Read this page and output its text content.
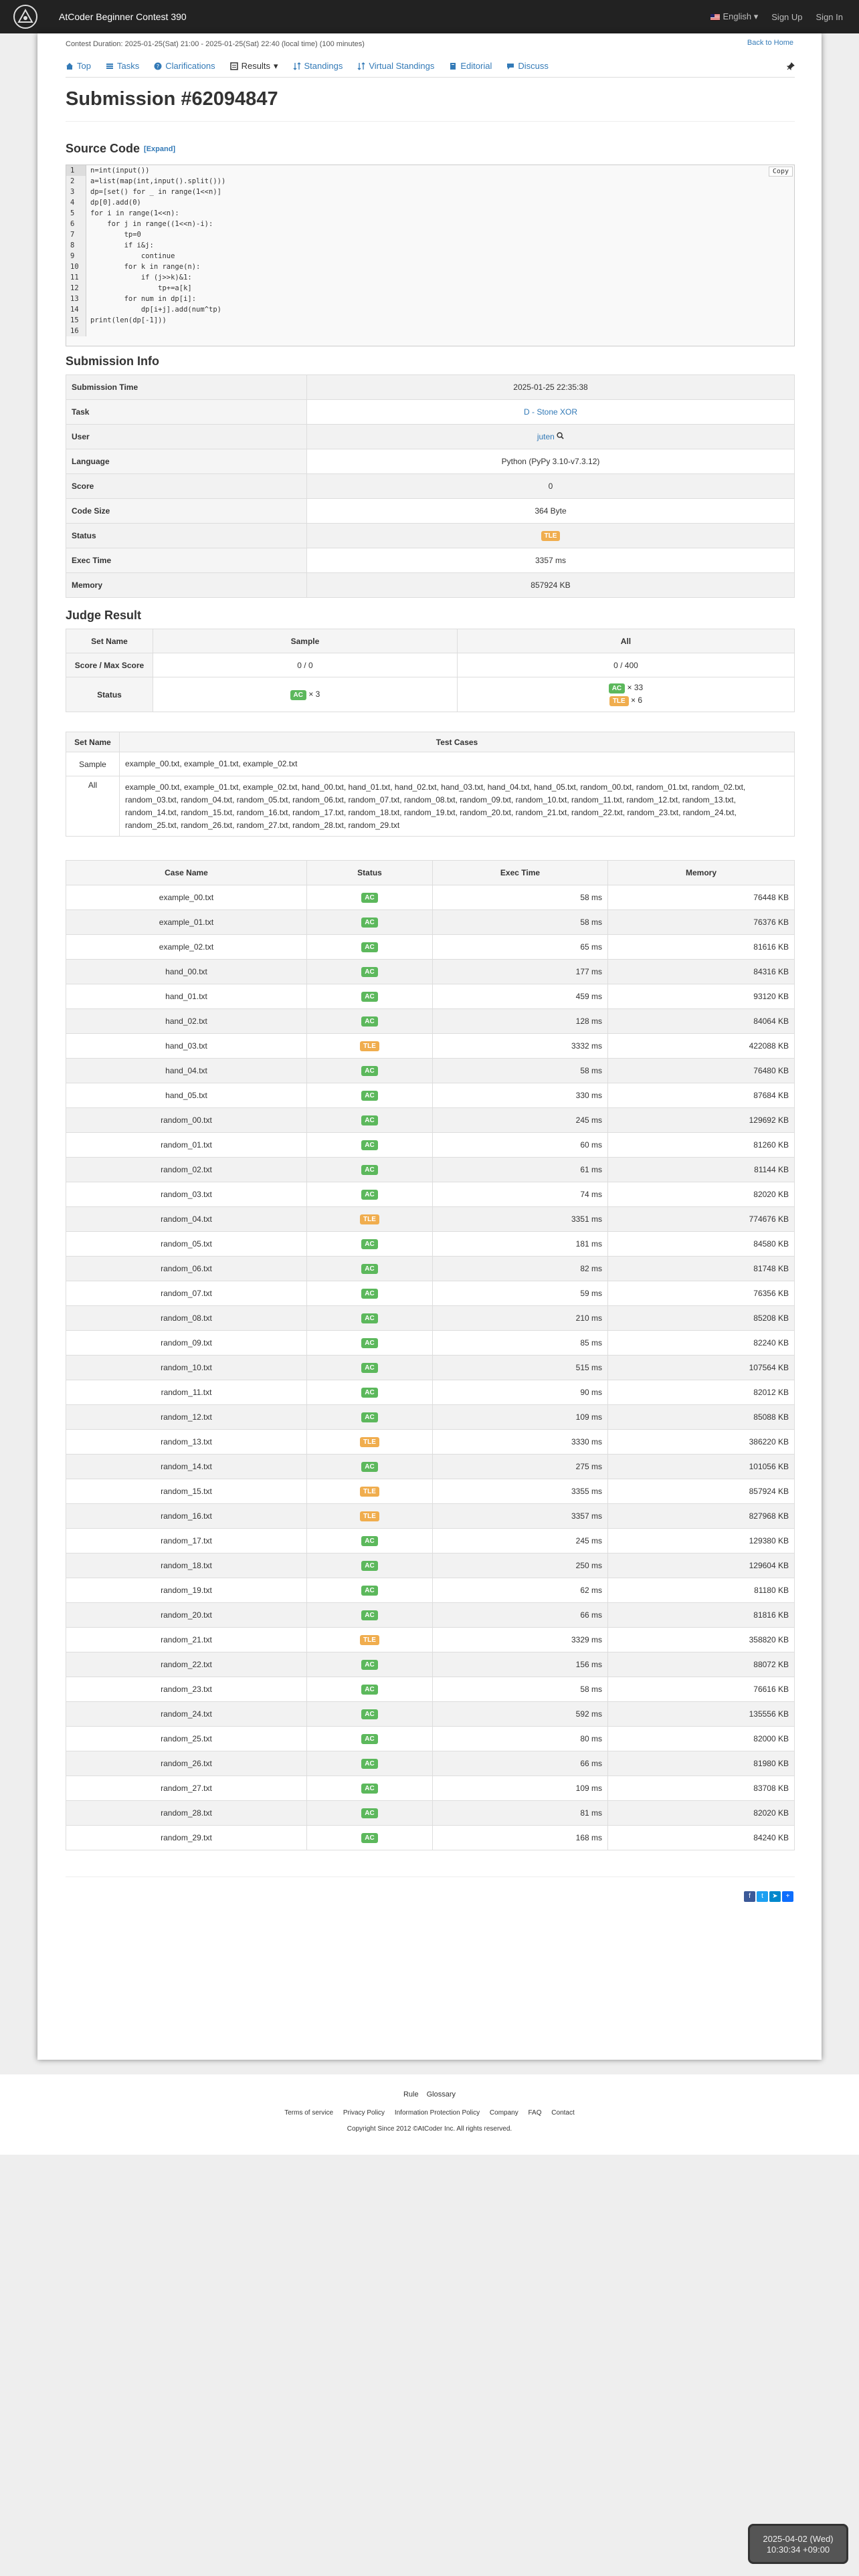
AtCoder Beginner Contest 390	English ▾ Sign Up Sign In
Contest Duration: 2025-01-25(Sat) 21:00 - 2025-01-25(Sat) 22:40 (local time) (100 minutes)	Back to Home
Top	Tasks	? Clarifications	Results ▾	Standings	Virtual Standings	Editorial	Discuss
Submission #62094847
Source Code [Expand]
Copy
1	n=int(input())
2	a=list(map(int,input().split()))
3	dp=[set() for _ in range(1<<n)]
4	dp[0].add(0)
5	for i in range(1<<n):
6	for j in range((1<<n)-i):
7	tp=0
8	if i&j:
9	continue
10	for k in range(n):
11	if (j>>k)&1:
12	tp+=a[k]
13	for num in dp[i]:
14	dp[i+j].add(num^tp)
15	print(len(dp[-1]))
16
Submission Info
Submission Time	2025-01-25 22:35:38
Task	D - Stone XOR
User	juten
Language	Python (PyPy 3.10-v7.3.12)
Score	0
Code Size	364 Byte
Status	TLE
Exec Time	3357 ms
Memory	857924 KB
Judge Result
Set Name	Sample	All
Score / Max Score	0 / 0	0 / 400
Status	AC × 3	AC × 33
TLE × 6
Set Name	Test Cases
Sample	example_00.txt, example_01.txt, example_02.txt
All	example_00.txt, example_01.txt, example_02.txt, hand_00.txt, hand_01.txt, hand_02.txt, hand_03.txt, hand_04.txt, hand_05.txt, random_00.txt, random_01.txt, random_02.txt, random_03.txt, random_04.txt, random_05.txt, random_06.txt, random_07.txt, random_08.txt, random_09.txt, random_10.txt, random_11.txt, random_12.txt, random_13.txt, random_14.txt, random_15.txt, random_16.txt, random_17.txt, random_18.txt, random_19.txt, random_20.txt, random_21.txt, random_22.txt, random_23.txt, random_24.txt, random_25.txt, random_26.txt, random_27.txt, random_28.txt, random_29.txt
Case Name	Status	Exec Time	Memory
example_00.txt	AC	58 ms	76448 KB
example_01.txt	AC	58 ms	76376 KB
example_02.txt	AC	65 ms	81616 KB
hand_00.txt	AC	177 ms	84316 KB
hand_01.txt	AC	459 ms	93120 KB
hand_02.txt	AC	128 ms	84064 KB
hand_03.txt	TLE	3332 ms	422088 KB
hand_04.txt	AC	58 ms	76480 KB
hand_05.txt	AC	330 ms	87684 KB
random_00.txt	AC	245 ms	129692 KB
random_01.txt	AC	60 ms	81260 KB
random_02.txt	AC	61 ms	81144 KB
random_03.txt	AC	74 ms	82020 KB
random_04.txt	TLE	3351 ms	774676 KB
random_05.txt	AC	181 ms	84580 KB
random_06.txt	AC	82 ms	81748 KB
random_07.txt	AC	59 ms	76356 KB
random_08.txt	AC	210 ms	85208 KB
random_09.txt	AC	85 ms	82240 KB
random_10.txt	AC	515 ms	107564 KB
random_11.txt	AC	90 ms	82012 KB
random_12.txt	AC	109 ms	85088 KB
random_13.txt	TLE	3330 ms	386220 KB
random_14.txt	AC	275 ms	101056 KB
random_15.txt	TLE	3355 ms	857924 KB
random_16.txt	TLE	3357 ms	827968 KB
random_17.txt	AC	245 ms	129380 KB
random_18.txt	AC	250 ms	129604 KB
random_19.txt	AC	62 ms	81180 KB
random_20.txt	AC	66 ms	81816 KB
random_21.txt	TLE	3329 ms	358820 KB
random_22.txt	AC	156 ms	88072 KB
random_23.txt	AC	58 ms	76616 KB
random_24.txt	AC	592 ms	135556 KB
random_25.txt	AC	80 ms	82000 KB
random_26.txt	AC	66 ms	81980 KB
random_27.txt	AC	109 ms	83708 KB
random_28.txt	AC	81 ms	82020 KB
random_29.txt	AC	168 ms	84240 KB
f	t	➤	+
Rule Glossary
Terms of service Privacy Policy Information Protection Policy Company FAQ Contact
Copyright Since 2012 ©AtCoder Inc. All rights reserved.
2025-04-02 (Wed)
10:30:34 +09:00
